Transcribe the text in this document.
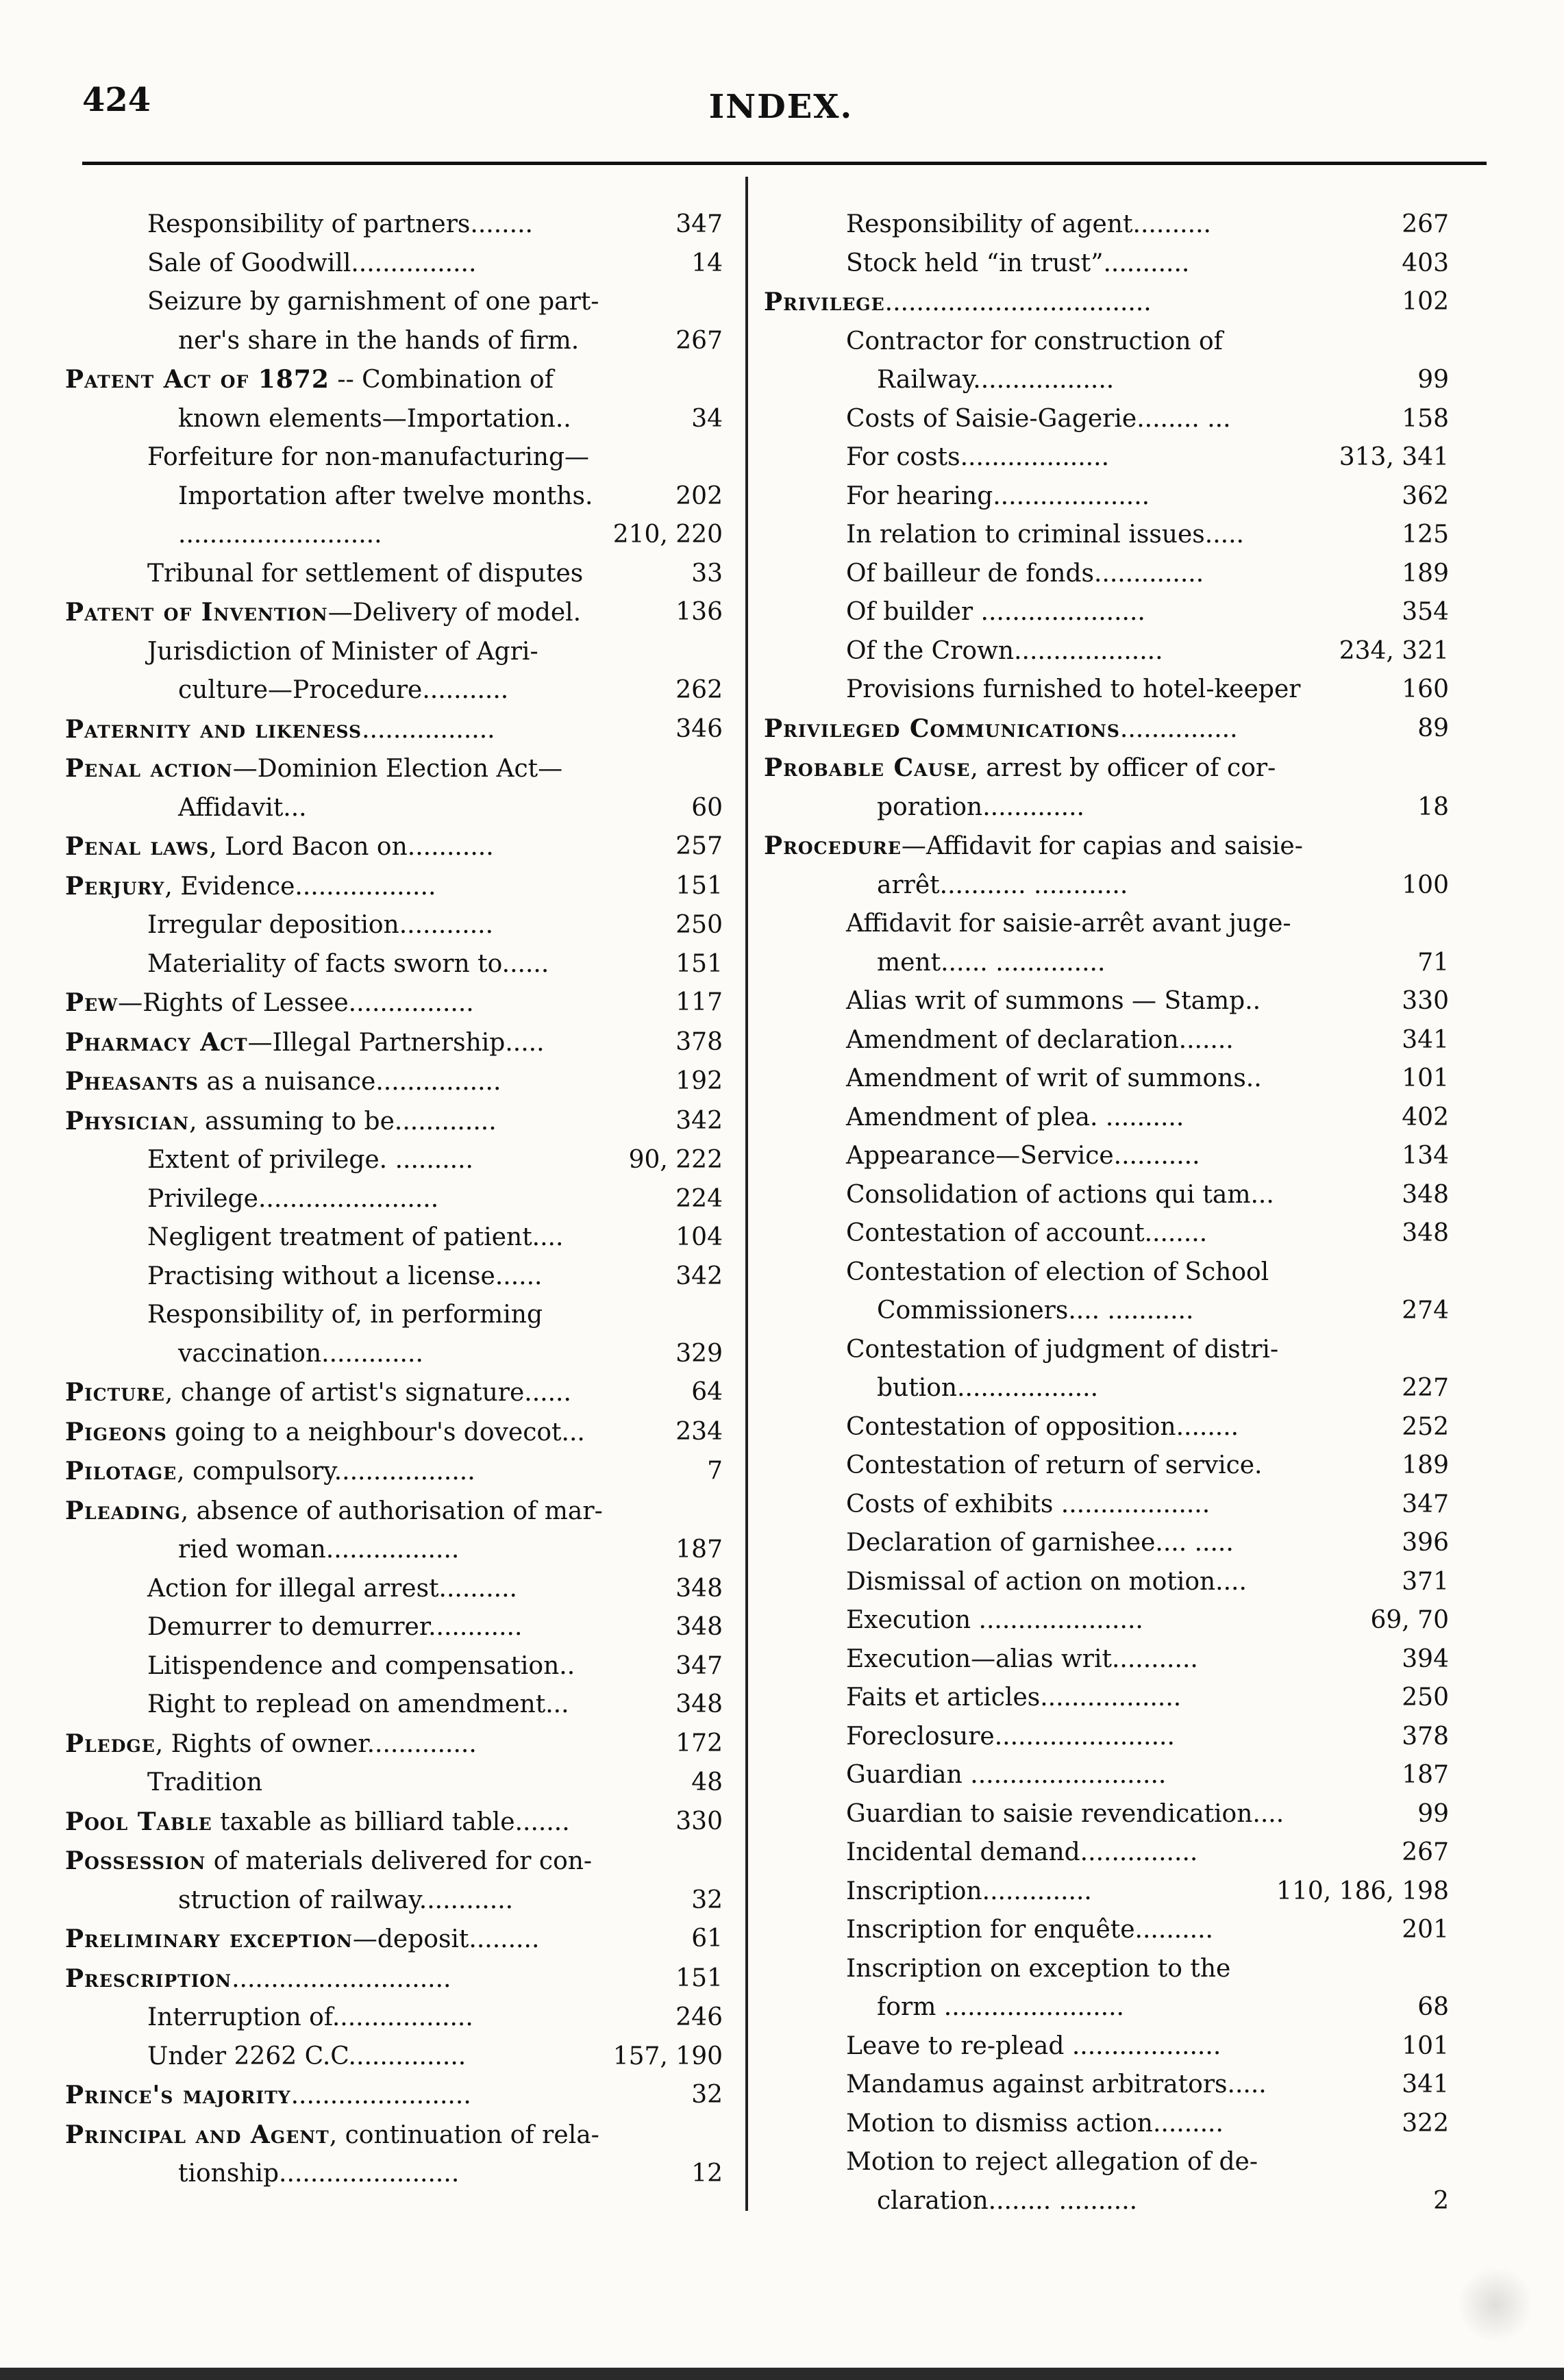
424	INDEX.
Responsibility of partners........	347
Sale of Goodwill................	14
Seizure by garnishment of one part-
ner's share in the hands of firm.	267
Patent Act of 1872 -- Combination of
known elements—Importation..	34
Forfeiture for non-manufacturing—
Importation after twelve months.	202
..........................	210, 220
Tribunal for settlement of disputes	33
Patent of Invention—Delivery of model.	136
Jurisdiction of Minister of Agri-
culture—Procedure...........	262
Paternity and likeness.................	346
Penal action—Dominion Election Act—
Affidavit...	60
Penal laws, Lord Bacon on...........	257
Perjury, Evidence..................	151
Irregular deposition............	250
Materiality of facts sworn to......	151
Pew—Rights of Lessee................	117
Pharmacy Act—Illegal Partnership.....	378
Pheasants as a nuisance................	192
Physician, assuming to be.............	342
Extent of privilege. ..........	90, 222
Privilege.......................	224
Negligent treatment of patient....	104
Practising without a license......	342
Responsibility of, in performing
vaccination.............	329
Picture, change of artist's signature......	64
Pigeons going to a neighbour's dovecot...	234
Pilotage, compulsory..................	7
Pleading, absence of authorisation of mar-
ried woman.................	187
Action for illegal arrest..........	348
Demurrer to demurrer............	348
Litispendence and compensation..	347
Right to replead on amendment...	348
Pledge, Rights of owner..............	172
Tradition	48
Pool Table taxable as billiard table.......	330
Possession of materials delivered for con-
struction of railway............	32
Preliminary exception—deposit.........	61
Prescription............................	151
Interruption of..................	246
Under 2262 C.C...............	157, 190
Prince's majority.......................	32
Principal and Agent, continuation of rela-
tionship.......................	12
Responsibility of agent..........	267
Stock held “in trust”...........	403
Privilege..................................	102
Contractor for construction of
Railway..................	99
Costs of Saisie-Gagerie........ ...	158
For costs...................	313, 341
For hearing....................	362
In relation to criminal issues.....	125
Of bailleur de fonds..............	189
Of builder .....................	354
Of the Crown...................	234, 321
Provisions furnished to hotel-keeper	160
Privileged Communications...............	89
Probable Cause, arrest by officer of cor-
poration.............	18
Procedure—Affidavit for capias and saisie-
arrêt........... ............	100
Affidavit for saisie-arrêt avant juge-
ment...... ..............	71
Alias writ of summons — Stamp..	330
Amendment of declaration.......	341
Amendment of writ of summons..	101
Amendment of plea. ..........	402
Appearance—Service...........	134
Consolidation of actions qui tam...	348
Contestation of account........	348
Contestation of election of School
Commissioners.... ...........	274
Contestation of judgment of distri-
bution..................	227
Contestation of opposition........	252
Contestation of return of service.	189
Costs of exhibits ...................	347
Declaration of garnishee.... .....	396
Dismissal of action on motion....	371
Execution .....................	69, 70
Execution—alias writ...........	394
Faits et articles..................	250
Foreclosure.......................	378
Guardian .........................	187
Guardian to saisie revendication....	99
Incidental demand...............	267
Inscription..............	110, 186, 198
Inscription for enquête..........	201
Inscription on exception to the
form .......................	68
Leave to re-plead ...................	101
Mandamus against arbitrators.....	341
Motion to dismiss action.........	322
Motion to reject allegation of de-
claration........ ..........	2
